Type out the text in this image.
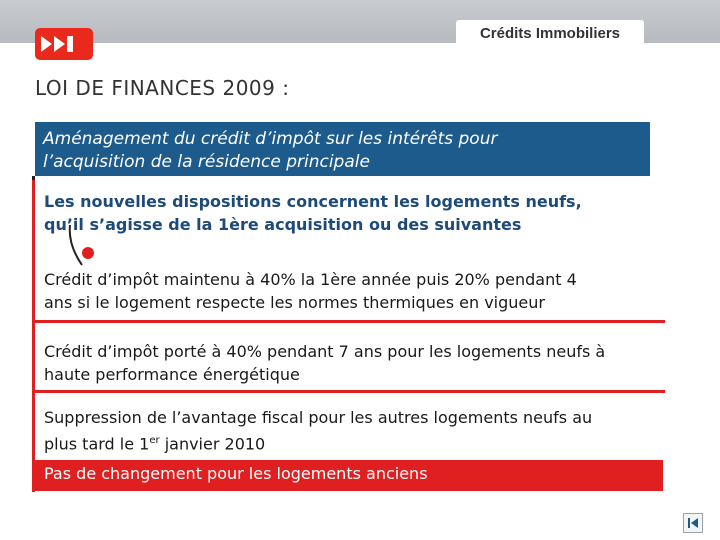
Crédits Immobiliers
LOI DE FINANCES 2009 :
Aménagement du crédit d’impôt sur les intérêts pour
l’acquisition de la résidence principale
Les nouvelles dispositions concernent les logements neufs,
qu’il s’agisse de la 1ère acquisition ou des suivantes
Crédit d’impôt maintenu à 40% la 1ère année puis 20% pendant 4
ans si le logement respecte les normes thermiques en vigueur
Crédit d’impôt porté à 40% pendant 7 ans pour les logements neufs à
haute performance énergétique
Suppression de l’avantage fiscal pour les autres logements neufs au
plus tard le 1er janvier 2010
Pas de changement pour les logements anciens
